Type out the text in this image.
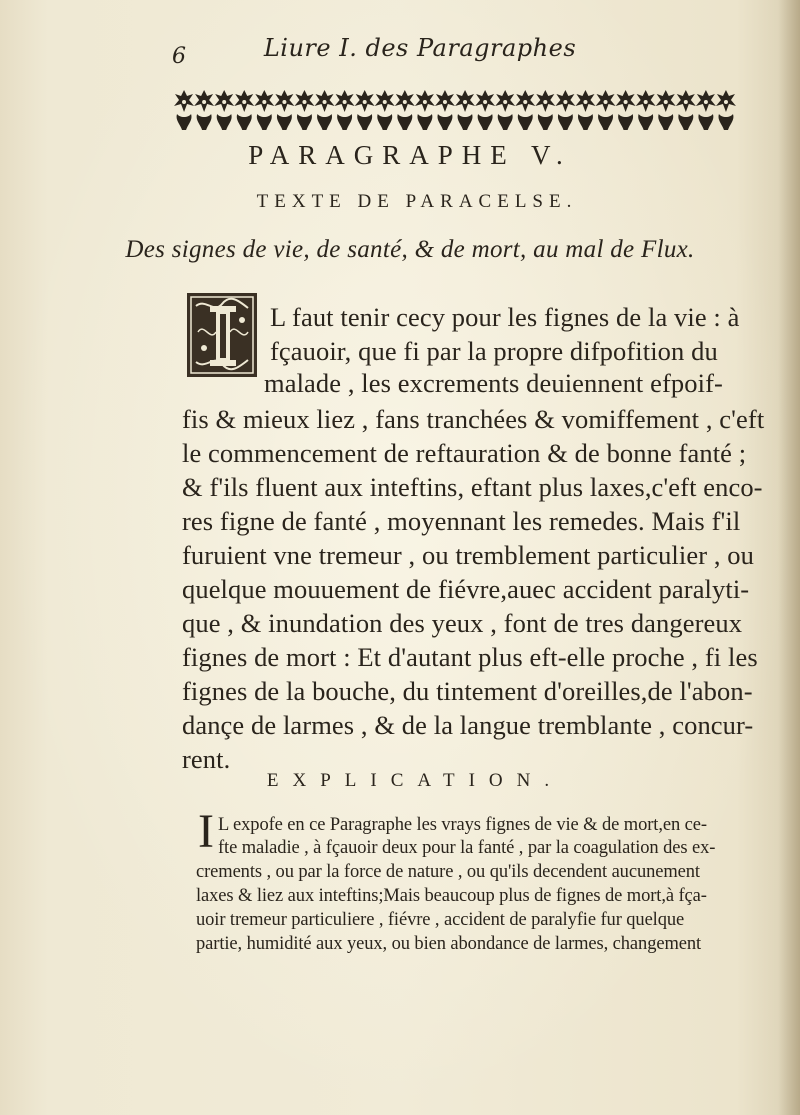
6	Liure I. des Paragraphes
PARAGRAPHE V.
TEXTE DE PARACELSE.
Des signes de vie, de santé, & de mort, au mal de Flux.
L faut tenir cecy pour les fignes de la vie : à
fçauoir, que fi par la propre difpofition du
malade , les excrements deuiennent efpoif-
fis & mieux liez , fans tranchées & vomiffement , c'eft
le commencement de reftauration & de bonne fanté ;
& f'ils fluent aux inteftins, eftant plus laxes,c'eft enco-
res figne de fanté , moyennant les remedes. Mais f'il
furuient vne tremeur , ou tremblement particulier , ou
quelque mouuement de fiévre,auec accident paralyti-
que , & inundation des yeux , font de tres dangereux
fignes de mort : Et d'autant plus eft-elle proche , fi les
fignes de la bouche, du tintement d'oreilles,de l'abon-
dançe de larmes , & de la langue tremblante , concur-
rent.
EXPLICATION.
I L expofe en ce Paragraphe les vrays fignes de vie & de mort,en ce-
fte maladie , à fçauoir deux pour la fanté , par la coagulation des ex-
crements , ou par la force de nature , ou qu'ils decendent aucunement
laxes & liez aux inteftins;Mais beaucoup plus de fignes de mort,à fça-
uoir tremeur particuliere , fiévre , accident de paralyfie fur quelque
partie, humidité aux yeux, ou bien abondance de larmes, changement
